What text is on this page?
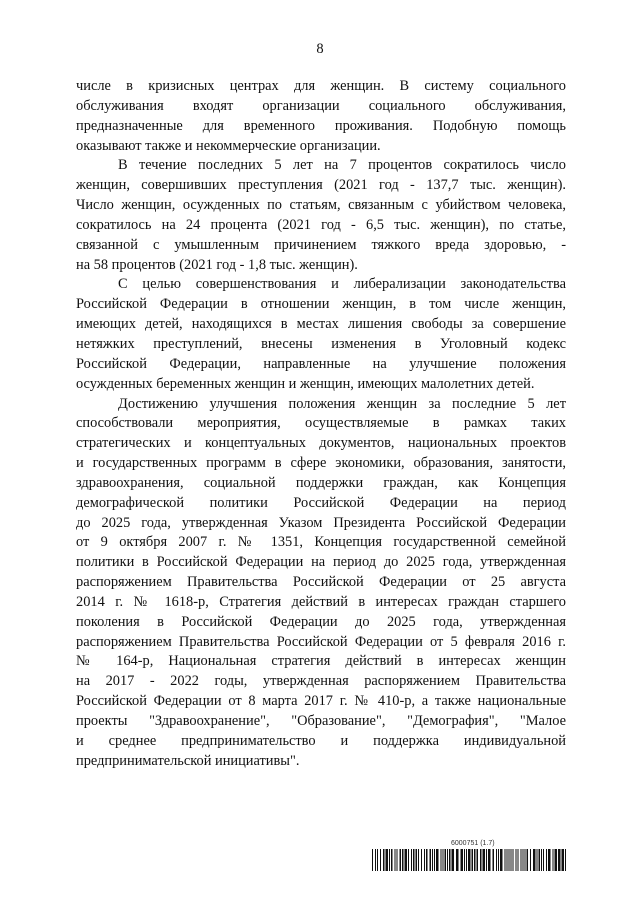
8
числе в кризисных центрах для женщин. В систему социального
обслуживания входят организации социального обслуживания,
предназначенные для временного проживания. Подобную помощь
оказывают также и некоммерческие организации.
В течение последних 5 лет на 7 процентов сократилось число
женщин, совершивших преступления (2021 год - 137,7 тыс. женщин).
Число женщин, осужденных по статьям, связанным с убийством человека,
сократилось на 24 процента (2021 год - 6,5 тыс. женщин), по статье,
связанной с умышленным причинением тяжкого вреда здоровью, -
на 58 процентов (2021 год - 1,8 тыс. женщин).
С целью совершенствования и либерализации законодательства
Российской Федерации в отношении женщин, в том числе женщин,
имеющих детей, находящихся в местах лишения свободы за совершение
нетяжких преступлений, внесены изменения в Уголовный кодекс
Российской Федерации, направленные на улучшение положения
осужденных беременных женщин и женщин, имеющих малолетних детей.
Достижению улучшения положения женщин за последние 5 лет
способствовали мероприятия, осуществляемые в рамках таких
стратегических и концептуальных документов, национальных проектов
и государственных программ в сфере экономики, образования, занятости,
здравоохранения, социальной поддержки граждан, как Концепция
демографической политики Российской Федерации на период
до 2025 года, утвержденная Указом Президента Российской Федерации
от 9 октября 2007 г. № 1351, Концепция государственной семейной
политики в Российской Федерации на период до 2025 года, утвержденная
распоряжением Правительства Российской Федерации от 25 августа
2014 г. № 1618-р, Стратегия действий в интересах граждан старшего
поколения в Российской Федерации до 2025 года, утвержденная
распоряжением Правительства Российской Федерации от 5 февраля 2016 г.
№ 164-р, Национальная стратегия действий в интересах женщин
на 2017 - 2022 годы, утвержденная распоряжением Правительства
Российской Федерации от 8 марта 2017 г. № 410-р, а также национальные
проекты "Здравоохранение", "Образование", "Демография", "Малое
и среднее предпринимательство и поддержка индивидуальной
предпринимательской инициативы".
6000751 (1.7)
